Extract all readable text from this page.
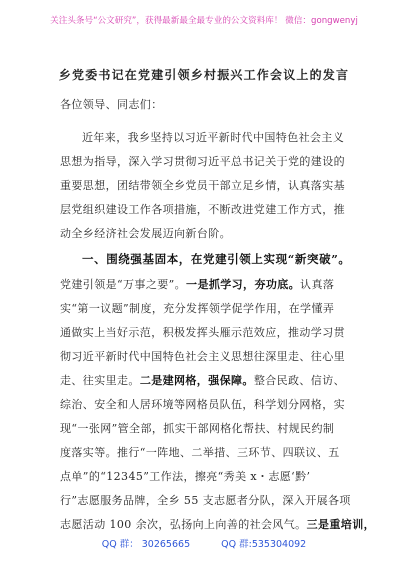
关注头条号“公文研究”，获得最新最全最专业的公文资料库！ 微信：gongwenyj
乡党委书记在党建引领乡村振兴工作会议上的发言
各位领导、同志们：
近年来，我乡坚持以习近平新时代中国特色社会主义
思想为指导，深入学习贯彻习近平总书记关于党的建设的
重要思想，团结带领全乡党员干部立足乡情，认真落实基
层党组织建设工作各项措施，不断改进党建工作方式，推
动全乡经济社会发展迈向新台阶。
一、围绕强基固本，在党建引领上实现“新突破”。
党建引领是“万事之要”。一是抓学习，夯功底。认真落
实“第一议题”制度，充分发挥领学促学作用，在学懂弄
通做实上当好示范，积极发挥头雁示范效应，推动学习贯
彻习近平新时代中国特色社会主义思想往深里走、往心里
走、往实里走。二是建网格，强保障。整合民政、信访、
综治、安全和人居环境等网格员队伍，科学划分网格，实
现“一张网”管全部，抓实干部网格化帮扶、村规民约制
度落实等。推行“一阵地、二举措、三环节、四联议、五
点单”的“12345”工作法，擦亮“秀美 x・志愿‘黔’
行”志愿服务品牌，全乡 55 支志愿者分队，深入开展各项
志愿活动 100 余次，弘扬向上向善的社会风气。三是重培训，
QQ 群： 30265665	QQ 群:535304092
